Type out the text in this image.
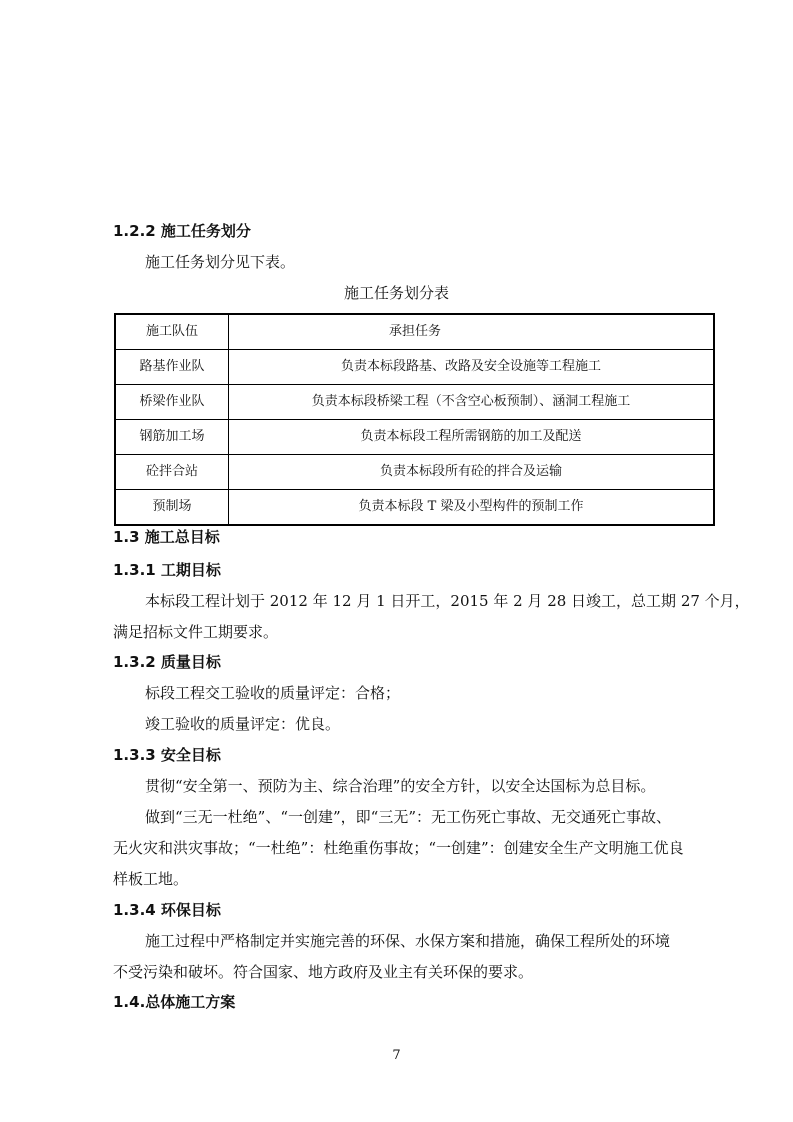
1.2.2 施工任务划分
施工任务划分见下表。
施工任务划分表
施工队伍	承担任务
路基作业队	负责本标段路基、改路及安全设施等工程施工
桥梁作业队	负责本标段桥梁工程（不含空心板预制）、涵洞工程施工
钢筋加工场	负责本标段工程所需钢筋的加工及配送
砼拌合站	负责本标段所有砼的拌合及运输
预制场	负责本标段 T 梁及小型构件的预制工作
1.3 施工总目标
1.3.1 工期目标
本标段工程计划于 2012 年 12 月 1 日开工，2015 年 2 月 28 日竣工，总工期 27 个月，
满足招标文件工期要求。
1.3.2 质量目标
标段工程交工验收的质量评定：合格；
竣工验收的质量评定：优良。
1.3.3 安全目标
贯彻“安全第一、预防为主、综合治理”的安全方针，以安全达国标为总目标。
做到“三无一杜绝”、“一创建”，即“三无”：无工伤死亡事故、无交通死亡事故、
无火灾和洪灾事故；“一杜绝”：杜绝重伤事故；“一创建”：创建安全生产文明施工优良
样板工地。
1.3.4 环保目标
施工过程中严格制定并实施完善的环保、水保方案和措施，确保工程所处的环境
不受污染和破坏。符合国家、地方政府及业主有关环保的要求。
1.4.总体施工方案
7
